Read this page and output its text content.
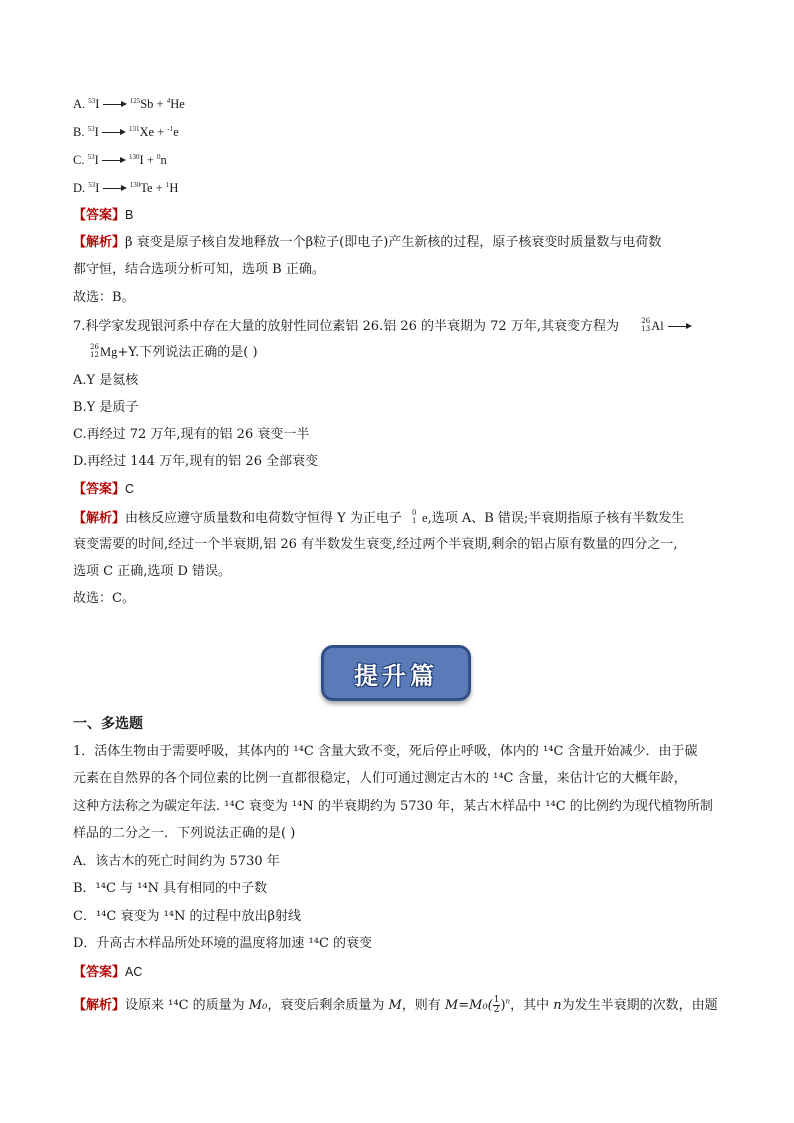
A. $^{53}$I	$^{125}$Sb + $^4$He
B. $^{53}$I	$^{131}$Xe + $^{-1}$e
C. $^{53}$I	$^{130}$I + $^0$n
D. $^{53}$I	$^{130}$Te + $^1$H
【答案】B
【解析】β 衰变是原子核自发地释放一个β粒子(即电子)产生新核的过程，原子核衰变时质量数与电荷数
都守恒，结合选项分析可知，选项 B 正确。
故选：B。
7.科学家发现银河系中存在大量的放射性同位素铝 26.铝 26 的半衰期为 72 万年,其衰变方程为	26
13 Al
26
12 Mg+Y.下列说法正确的是( )
A.Y 是氦核
B.Y 是质子
C.再经过 72 万年,现有的铝 26 衰变一半
D.再经过 144 万年,现有的铝 26 全部衰变
【答案】C
【解析】由核反应遵守质量数和电荷数守恒得 Y 为正电子 0
1 e,选项 A、B 错误;半衰期指原子核有半数发生
衰变需要的时间,经过一个半衰期,铝 26 有半数发生衰变,经过两个半衰期,剩余的铝占原有数量的四分之一,
选项 C 正确,选项 D 错误。
故选：C。
提升篇
一、多选题
1．活体生物由于需要呼吸，其体内的 ¹⁴C 含量大致不变，死后停止呼吸，体内的 ¹⁴C 含量开始减少．由于碳
元素在自然界的各个同位素的比例一直都很稳定，人们可通过测定古木的 ¹⁴C 含量，来估计它的大概年龄，
这种方法称之为碳定年法. ¹⁴C 衰变为 ¹⁴N 的半衰期约为 5730 年，某古木样品中 ¹⁴C 的比例约为现代植物所制
样品的二分之一．下列说法正确的是( )
A．该古木的死亡时间约为 5730 年
B．¹⁴C 与 ¹⁴N 具有相同的中子数
C．¹⁴C 衰变为 ¹⁴N 的过程中放出β射线
D．升高古木样品所处环境的温度将加速 ¹⁴C 的衰变
【答案】AC
【解析】设原来 ¹⁴C 的质量为 M₀，衰变后剩余质量为 M，则有 $M=M_0( \frac{1}{2} )^n$，其中 n为发生半衰期的次数，由题
